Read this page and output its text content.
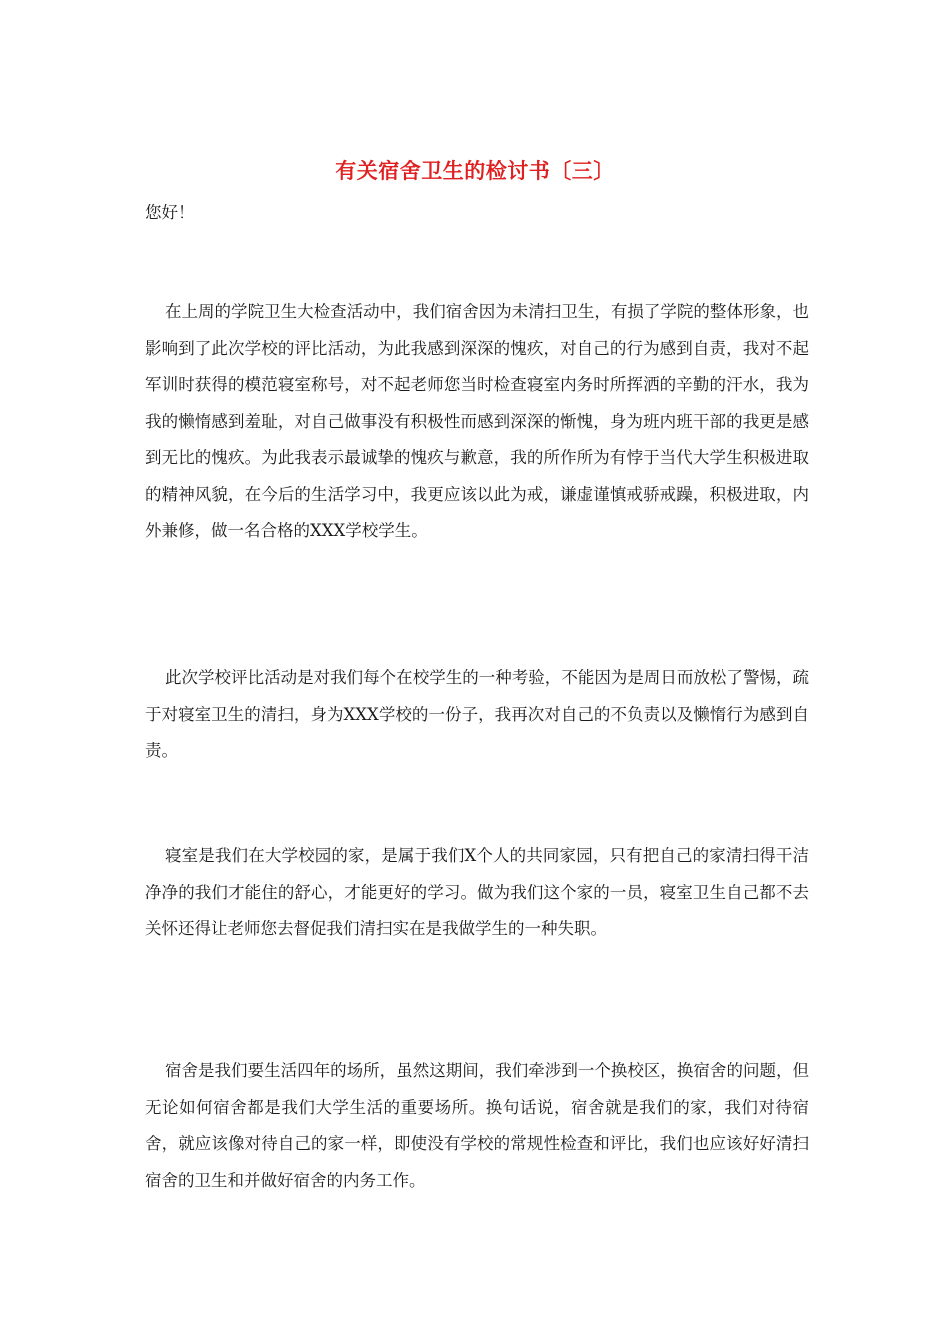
有关宿舍卫生的检讨书〔三〕
您好！

在上周的学院卫生大检查活动中，我们宿舍因为未清扫卫生，有损了学院的整体形象，也影响到了此次学校的评比活动，为此我感到深深的愧疚，对自己的行为感到自责，我对不起军训时获得的模范寝室称号，对不起老师您当时检查寝室内务时所挥洒的辛勤的汗水，我为我的懒惰感到羞耻，对自己做事没有积极性而感到深深的惭愧，身为班内班干部的我更是感到无比的愧疚。为此我表示最诚挚的愧疚与歉意，我的所作所为有悖于当代大学生积极进取的精神风貌，在今后的生活学习中，我更应该以此为戒，谦虚谨慎戒骄戒躁，积极进取，内外兼修，做一名合格的XXX学校学生。

此次学校评比活动是对我们每个在校学生的一种考验，不能因为是周日而放松了警惕，疏于对寝室卫生的清扫，身为XXX学校的一份子，我再次对自己的不负责以及懒惰行为感到自责。

寝室是我们在大学校园的家，是属于我们X个人的共同家园，只有把自己的家清扫得干洁净净的我们才能住的舒心，才能更好的学习。做为我们这个家的一员，寝室卫生自己都不去关怀还得让老师您去督促我们清扫实在是我做学生的一种失职。

宿舍是我们要生活四年的场所，虽然这期间，我们牵涉到一个换校区，换宿舍的问题，但无论如何宿舍都是我们大学生活的重要场所。换句话说，宿舍就是我们的家，我们对待宿舍，就应该像对待自己的家一样，即使没有学校的常规性检查和评比，我们也应该好好清扫宿舍的卫生和并做好宿舍的内务工作。
